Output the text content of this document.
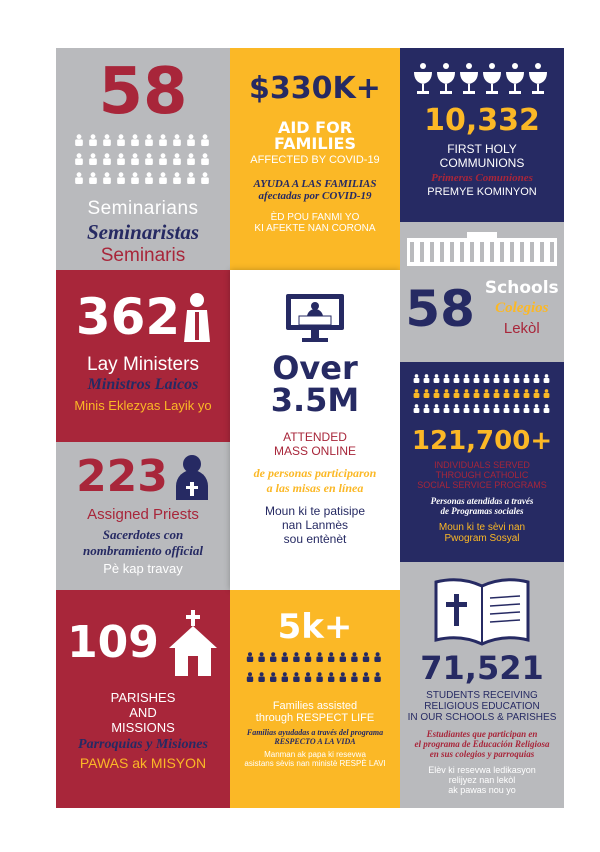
58
Seminarians
Seminaristas
Seminaris
362
Lay Ministers
Ministros Laicos
Minis Eklezyas Layik yo
223
Assigned Priests
Sacerdotes con
nombramiento official
Pè kap travay
109
PARISHES
AND
MISSIONS
Parroquias y Misiones
PAWAS ak MISYON
$330K+
AID FOR
FAMILIES
AFFECTED BY COVID-19
AYUDA A LAS FAMILIAS
afectadas por COVID-19
ÈD POU FANMI YO
KI AFEKTE NAN CORONA
Over
3.5M
ATTENDED
MASS ONLINE
de personas participaron
a las misas en línea
Moun ki te patisipe
nan Lanmès
sou entènèt
5k+
Families assisted
through RESPECT LIFE
Familias ayudadas a través del programa
RESPECTO A LA VIDA
Manman ak papa ki resevwa
asistans sèvis nan ministè RESPÈ LAVI
10,332
FIRST HOLY
COMMUNIONS
Primeras Comuniones
PREMYE KOMINYON
58 Schools
Colegios
Lekòl
121,700+
INDIVIDUALS SERVED
THROUGH CATHOLIC
SOCIAL SERVICE PROGRAMS
Personas atendidas a través
de Programas sociales
Moun ki te sèvi nan
Pwogram Sosyal
71,521
STUDENTS RECEIVING
RELIGIOUS EDUCATION
IN OUR SCHOOLS & PARISHES
Estudiantes que participan en
el programa de Educación Religiosa
en sus colegios y parroquias
Elèv ki resevwa ledikasyon
relijyez nan lekòl
ak pawas nou yo
